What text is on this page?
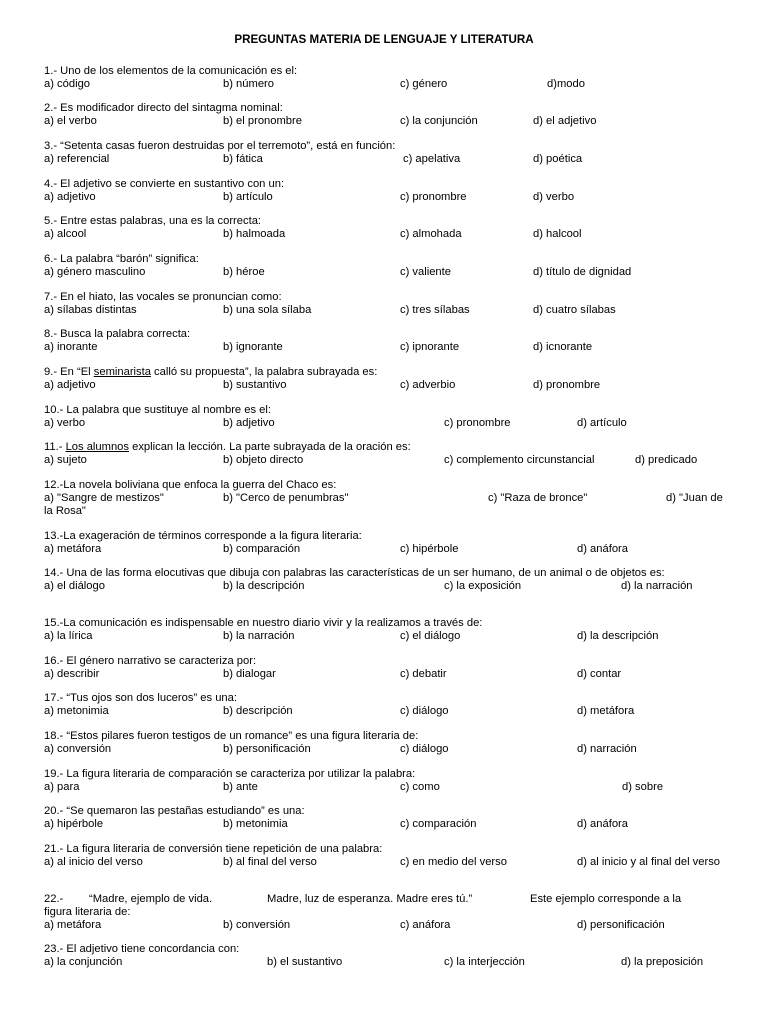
PREGUNTAS MATERIA DE LENGUAJE Y LITERATURA
1.- Uno de los elementos de la comunicación es el:
a) código	b) número	c) género	d)modo
2.- Es modificador directo del sintagma nominal:
a) el verbo	b) el pronombre	c) la conjunción	d) el adjetivo
3.- “Setenta casas fueron destruidas por el terremoto”, está en función:
a) referencial	b) fática	c) apelativa	d) poética
4.- El adjetivo se convierte en sustantivo con un:
a) adjetivo	b) artículo	c) pronombre	d) verbo
5.- Entre estas palabras, una es la correcta:
a) alcool	b) halmoada	c) almohada	d) halcool
6.- La palabra “barón” significa:
a) género masculino	b) héroe	c) valiente	d) título de dignidad
7.- En el hiato, las vocales se pronuncian como:
a) sílabas distintas	b) una sola sílaba	c) tres sílabas	d) cuatro sílabas
8.- Busca la palabra correcta:
a) inorante	b) ignorante	c) ipnorante	d) icnorante
9.- En “El seminarista calló su propuesta”, la palabra subrayada es:
a) adjetivo	b) sustantivo	c) adverbio	d) pronombre
10.- La palabra que sustituye al nombre es el:
a) verbo	b) adjetivo	c) pronombre	d) artículo
11.- Los alumnos explican la lección. La parte subrayada de la oración es:
a) sujeto	b) objeto directo	c) complemento circunstancial	d) predicado
12.-La novela boliviana que enfoca la guerra del Chaco es:
a) "Sangre de mestizos"	b) "Cerco de penumbras"	c) "Raza de bronce"	d) "Juan de la Rosa"
13.-La exageración de términos corresponde a la figura literaria:
a) metáfora	b) comparación	c) hipérbole	d) anáfora
14.- Una de las forma elocutivas que dibuja con palabras las características de un ser humano, de un animal o de objetos es:
a) el diálogo	b) la descripción	c) la exposición	d) la narración
15.-La comunicación es indispensable en nuestro diario vivir y la realizamos a través de:
a) la lírica	b) la narración	c) el diálogo	d) la descripción
16.- El género narrativo se caracteriza por:
a) describir	b) dialogar	c) debatir	d) contar
17.- “Tus ojos son dos luceros” es una:
a) metonimia	b) descripción	c) diálogo	d) metáfora
18.- “Estos pilares fueron testigos de un romance” es una figura literaria de:
a) conversión	b) personificación	c) diálogo	d) narración
19.- La figura literaria de comparación se caracteriza por utilizar la palabra:
a) para	b) ante	c) como	d) sobre
20.- “Se quemaron las pestañas estudiando” es una:
a) hipérbole	b) metonimia	c) comparación	d) anáfora
21.- La figura literaria de conversión tiene repetición de una palabra:
a) al inicio del verso	b) al final del verso	c) en medio del verso	d) al inicio y al final del verso
22.- “Madre, ejemplo de vida.	Madre, luz de esperanza. Madre eres tú.”	Este ejemplo corresponde a la
figura literaria de:
a) metáfora	b) conversión	c) anáfora	d) personificación
23.- El adjetivo tiene concordancia con:
a) la conjunción	b) el sustantivo	c) la interjección	d) la preposición
